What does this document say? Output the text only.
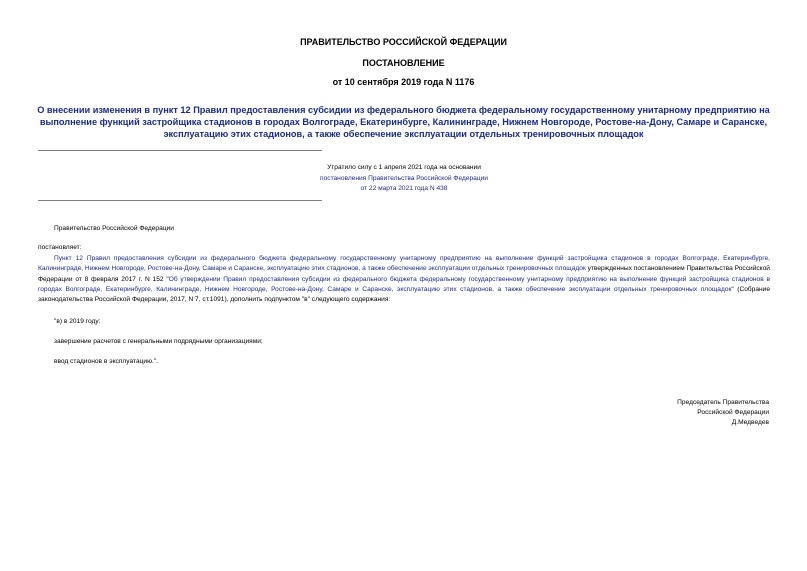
ПРАВИТЕЛЬСТВО РОССИЙСКОЙ ФЕДЕРАЦИИ
ПОСТАНОВЛЕНИЕ
от 10 сентября 2019 года N 1176
О внесении изменения в пункт 12 Правил предоставления субсидии из федерального бюджета федеральному государственному унитарному предприятию на выполнение функций застройщика стадионов в городах Волгограде, Екатеринбурге, Калининграде, Нижнем Новгороде, Ростове-на-Дону, Самаре и Саранске, эксплуатацию этих стадионов, а также обеспечение эксплуатации отдельных тренировочных площадок
Утратило силу с 1 апреля 2021 года на основании
постановления Правительства Российской Федерации
от 22 марта 2021 года N 438
Правительство Российской Федерации
постановляет:
Пункт 12 Правил предоставления субсидии из федерального бюджета федеральному государственному унитарному предприятию на выполнение функций застройщика стадионов в городах Волгограде, Екатеринбурге, Калининграде, Нижнем Новгороде, Ростове-на-Дону, Самаре и Саранске, эксплуатацию этих стадионов, а также обеспечение эксплуатации отдельных тренировочных площадок утвержденных постановлением Правительства Российской Федерации от 8 февраля 2017 г. N 152 "Об утверждении Правил предоставления субсидии из федерального бюджета федеральному государственному унитарному предприятию на выполнение функций застройщика стадионов в городах Волгограде, Екатеринбурге, Калининграде, Нижнем Новгороде, Ростове-на-Дону, Самаре и Саранске, эксплуатацию этих стадионов, а также обеспечение эксплуатации отдельных тренировочных площадок" (Собрание законодательства Российской Федерации, 2017, N 7, ст.1091), дополнить подпунктом "в" следующего содержания:
"в) в 2019 году:
завершение расчетов с генеральными подрядными организациями;
ввод стадионов в эксплуатацию.".
Председатель Правительства
Российской Федерации
Д.Медведев
